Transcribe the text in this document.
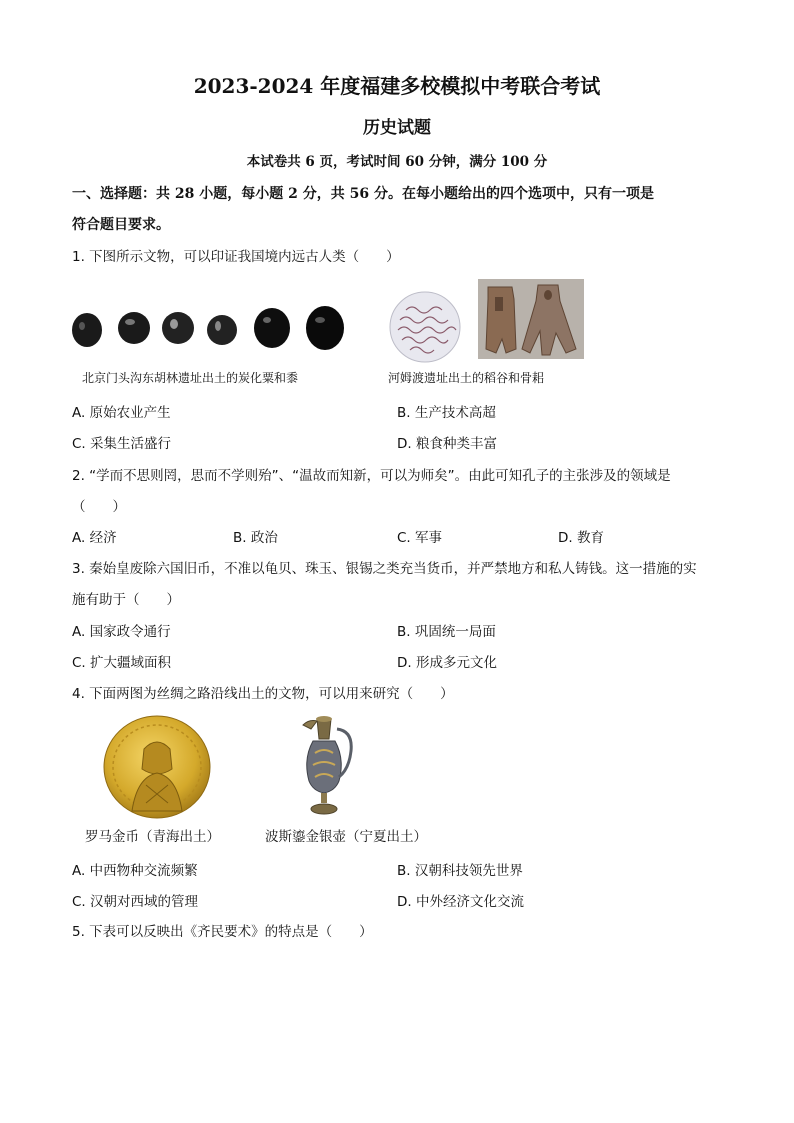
2023-2024 年度福建多校模拟中考联合考试
历史试题
本试卷共 6 页，考试时间 60 分钟，满分 100 分
一、选择题：共 28 小题，每小题 2 分，共 56 分。在每小题给出的四个选项中，只有一项是
符合题目要求。
1. 下图所示文物，可以印证我国境内远古人类（　　）
北京门头沟东胡林遗址出土的炭化粟和黍	河姆渡遗址出土的稻谷和骨耜
A. 原始农业产生	B. 生产技术高超
C. 采集生活盛行	D. 粮食种类丰富
2. “学而不思则罔，思而不学则殆”、“温故而知新，可以为师矣”。由此可知孔子的主张涉及的领域是
（　　）
A. 经济	B. 政治	C. 军事	D. 教育
3. 秦始皇废除六国旧币，不准以龟贝、珠玉、银锡之类充当货币，并严禁地方和私人铸钱。这一措施的实
施有助于（　　）
A. 国家政令通行	B. 巩固统一局面
C. 扩大疆域面积	D. 形成多元文化
4. 下面两图为丝绸之路沿线出土的文物，可以用来研究（　　）
罗马金币（青海出土）	波斯鎏金银壶（宁夏出土）
A. 中西物种交流频繁	B. 汉朝科技领先世界
C. 汉朝对西域的管理	D. 中外经济文化交流
5. 下表可以反映出《齐民要术》的特点是（　　）
